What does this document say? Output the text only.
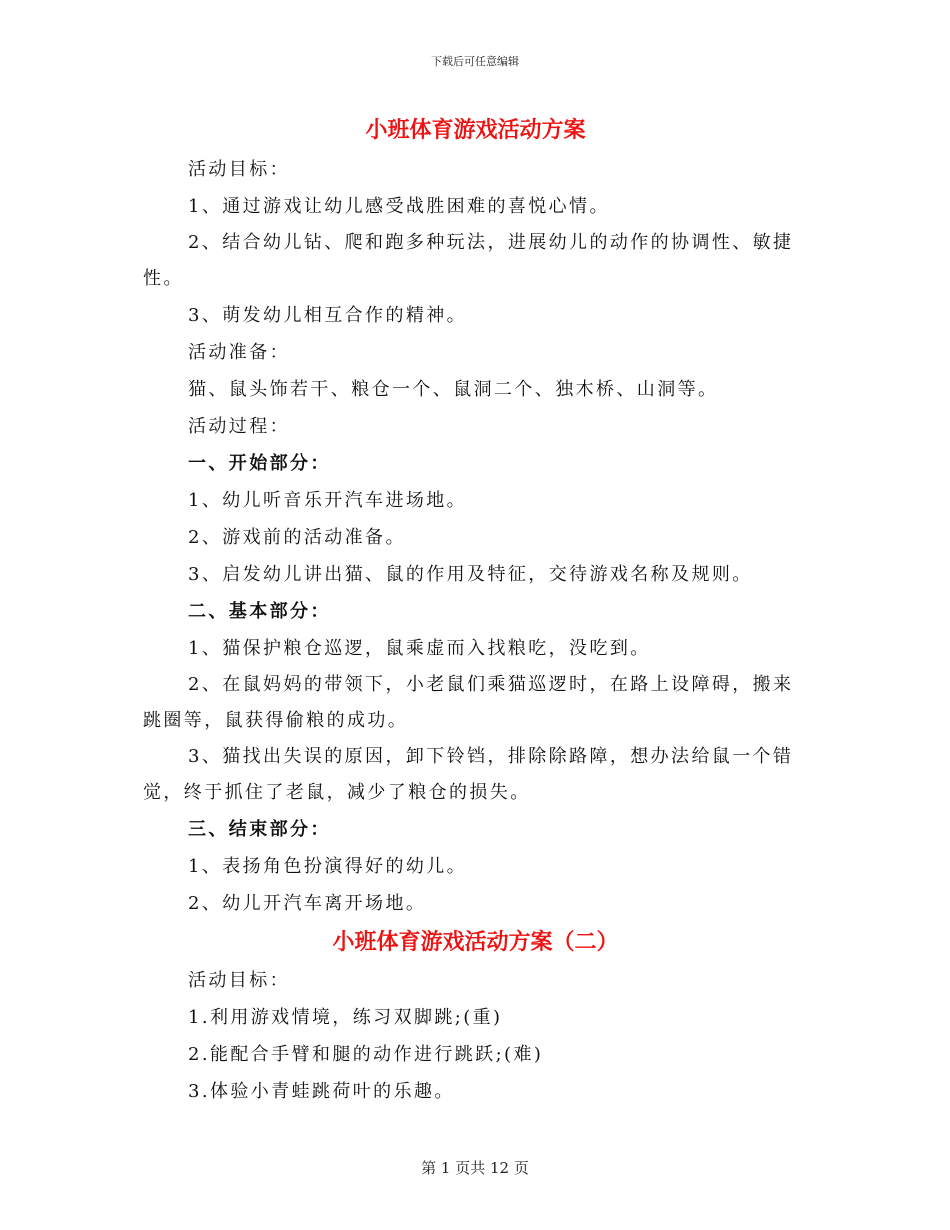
下载后可任意编辑
小班体育游戏活动方案

活动目标：

1、通过游戏让幼儿感受战胜困难的喜悦心情。

2、结合幼儿钻、爬和跑多种玩法，进展幼儿的动作的协调性、敏捷性。

3、萌发幼儿相互合作的精神。

活动准备：

猫、鼠头饰若干、粮仓一个、鼠洞二个、独木桥、山洞等。

活动过程：

一、开始部分：

1、幼儿听音乐开汽车进场地。

2、游戏前的活动准备。

3、启发幼儿讲出猫、鼠的作用及特征，交待游戏名称及规则。

二、基本部分：

1、猫保护粮仓巡逻，鼠乘虚而入找粮吃，没吃到。

2、在鼠妈妈的带领下，小老鼠们乘猫巡逻时，在路上设障碍，搬来跳圈等，鼠获得偷粮的成功。

3、猫找出失误的原因，卸下铃铛，排除除路障，想办法给鼠一个错觉，终于抓住了老鼠，减少了粮仓的损失。

三、结束部分：

1、表扬角色扮演得好的幼儿。

2、幼儿开汽车离开场地。

小班体育游戏活动方案（二）

活动目标：

1.利用游戏情境，练习双脚跳;(重)

2.能配合手臂和腿的动作进行跳跃;(难)

3.体验小青蛙跳荷叶的乐趣。

第 1 页共 12 页
